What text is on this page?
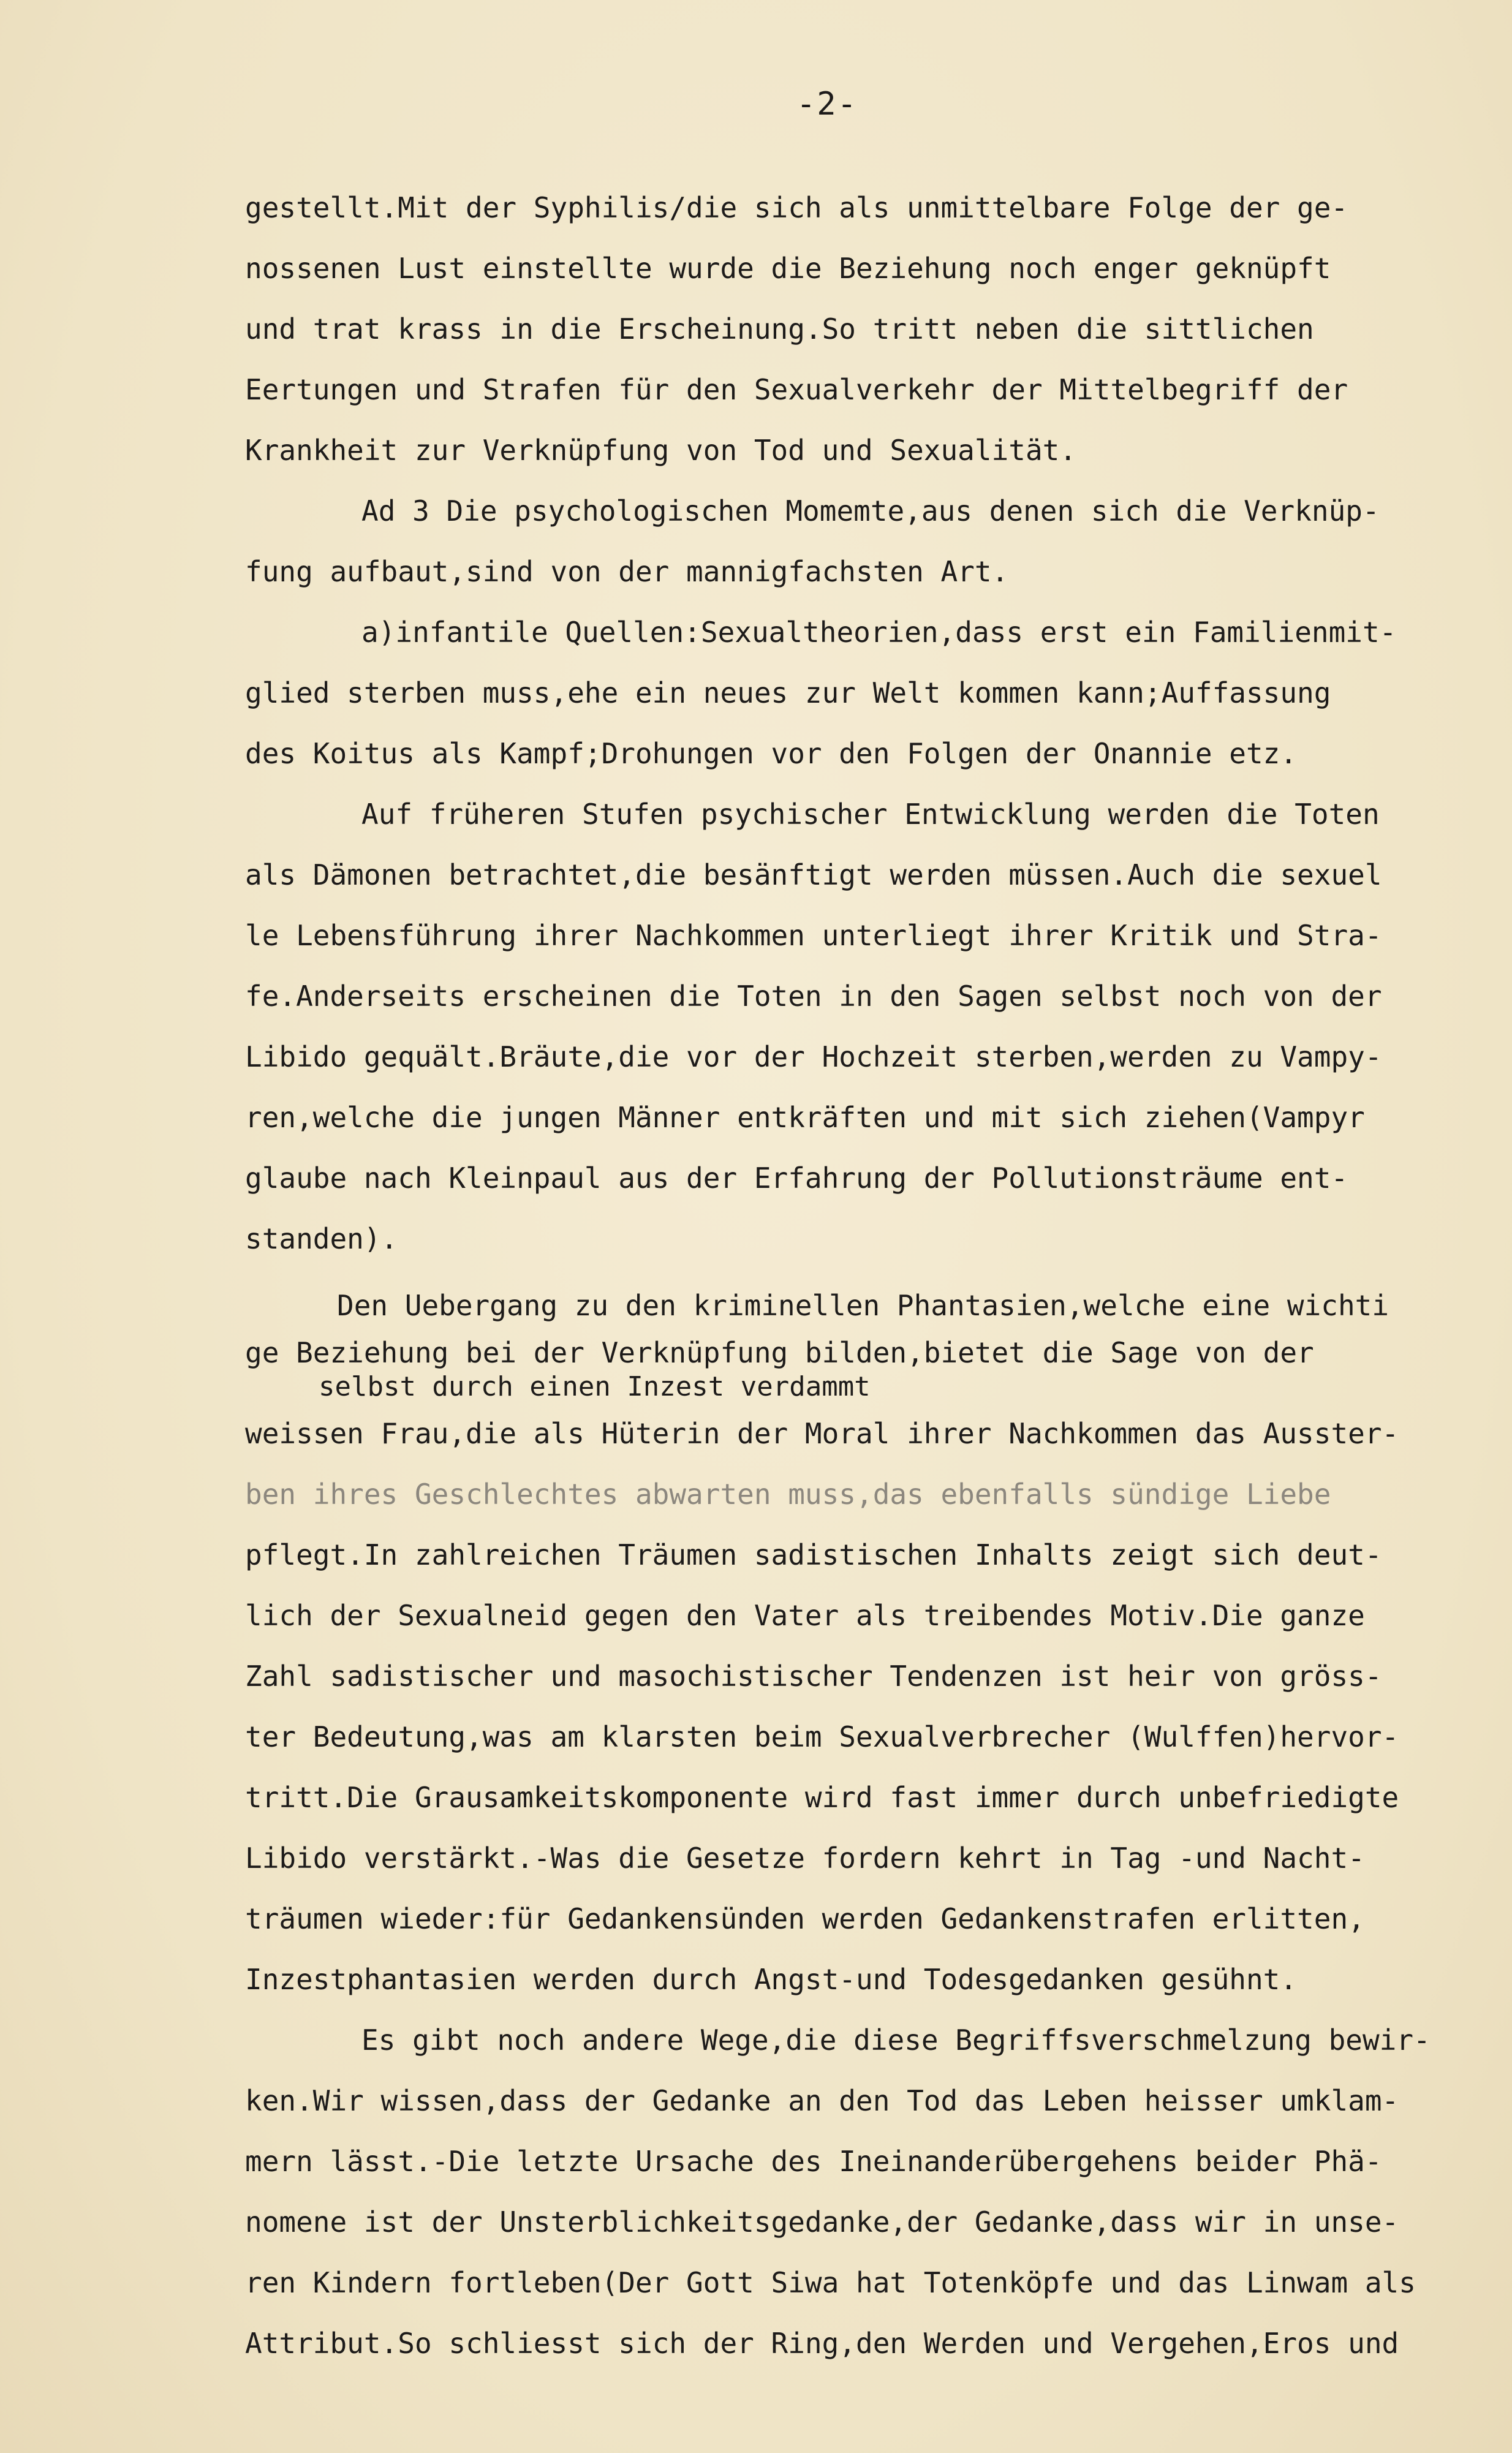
-2-
gestellt.Mit der Syphilis/die sich als unmittelbare Folge der ge-
nossenen Lust einstellte wurde die Beziehung noch enger geknüpft
und trat krass in die Erscheinung.So tritt neben die sittlichen
Eertungen und Strafen für den Sexualverkehr der Mittelbegriff der
Krankheit zur Verknüpfung von Tod und Sexualität.
Ad 3 Die psychologischen Momemte,aus denen sich die Verknüp-
fung aufbaut,sind von der mannigfachsten Art.
a)infantile Quellen:Sexualtheorien,dass erst ein Familienmit-
glied sterben muss,ehe ein neues zur Welt kommen kann;Auffassung
des Koitus als Kampf;Drohungen vor den Folgen der Onannie etz.
Auf früheren Stufen psychischer Entwicklung werden die Toten
als Dämonen betrachtet,die besänftigt werden müssen.Auch die sexuel
le Lebensführung ihrer Nachkommen unterliegt ihrer Kritik und Stra-
fe.Anderseits erscheinen die Toten in den Sagen selbst noch von der
Libido gequält.Bräute,die vor der Hochzeit sterben,werden zu Vampy-
ren,welche die jungen Männer entkräften und mit sich ziehen(Vampyr
glaube nach Kleinpaul aus der Erfahrung der Pollutionsträume ent-
standen).
Den Uebergang zu den kriminellen Phantasien,welche eine wichti
ge Beziehung bei der Verknüpfung bilden,bietet die Sage von der
selbst durch einen Inzest verdammt
weissen Frau,die als Hüterin der Moral ihrer Nachkommen das Ausster-
ben ihres Geschlechtes abwarten muss,das ebenfalls sündige Liebe
pflegt.In zahlreichen Träumen sadistischen Inhalts zeigt sich deut-
lich der Sexualneid gegen den Vater als treibendes Motiv.Die ganze
Zahl sadistischer und masochistischer Tendenzen ist heir von gröss-
ter Bedeutung,was am klarsten beim Sexualverbrecher (Wulffen)hervor-
tritt.Die Grausamkeitskomponente wird fast immer durch unbefriedigte
Libido verstärkt.-Was die Gesetze fordern kehrt in Tag -und Nacht-
träumen wieder:für Gedankensünden werden Gedankenstrafen erlitten,
Inzestphantasien werden durch Angst-und Todesgedanken gesühnt.
Es gibt noch andere Wege,die diese Begriffsverschmelzung bewir-
ken.Wir wissen,dass der Gedanke an den Tod das Leben heisser umklam-
mern lässt.-Die letzte Ursache des Ineinanderübergehens beider Phä-
nomene ist der Unsterblichkeitsgedanke,der Gedanke,dass wir in unse-
ren Kindern fortleben(Der Gott Siwa hat Totenköpfe und das Linwam als
Attribut.So schliesst sich der Ring,den Werden und Vergehen,Eros und
